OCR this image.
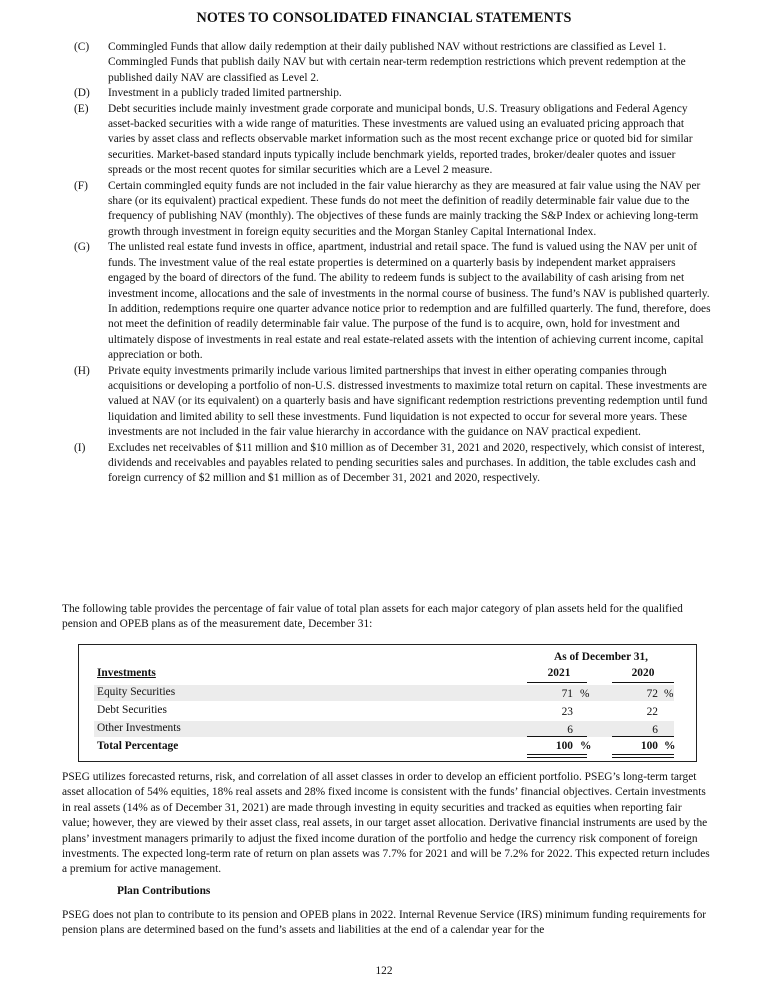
NOTES TO CONSOLIDATED FINANCIAL STATEMENTS
(C) Commingled Funds that allow daily redemption at their daily published NAV without restrictions are classified as Level 1. Commingled Funds that publish daily NAV but with certain near-term redemption restrictions which prevent redemption at the published daily NAV are classified as Level 2.
(D) Investment in a publicly traded limited partnership.
(E) Debt securities include mainly investment grade corporate and municipal bonds, U.S. Treasury obligations and Federal Agency asset-backed securities with a wide range of maturities. These investments are valued using an evaluated pricing approach that varies by asset class and reflects observable market information such as the most recent exchange price or quoted bid for similar securities. Market-based standard inputs typically include benchmark yields, reported trades, broker/dealer quotes and issuer spreads or the most recent quotes for similar securities which are a Level 2 measure.
(F) Certain commingled equity funds are not included in the fair value hierarchy as they are measured at fair value using the NAV per share (or its equivalent) practical expedient. These funds do not meet the definition of readily determinable fair value due to the frequency of publishing NAV (monthly). The objectives of these funds are mainly tracking the S&P Index or achieving long-term growth through investment in foreign equity securities and the Morgan Stanley Capital International Index.
(G) The unlisted real estate fund invests in office, apartment, industrial and retail space. The fund is valued using the NAV per unit of funds. The investment value of the real estate properties is determined on a quarterly basis by independent market appraisers engaged by the board of directors of the fund. The ability to redeem funds is subject to the availability of cash arising from net investment income, allocations and the sale of investments in the normal course of business. The fund’s NAV is published quarterly. In addition, redemptions require one quarter advance notice prior to redemption and are fulfilled quarterly. The fund, therefore, does not meet the definition of readily determinable fair value. The purpose of the fund is to acquire, own, hold for investment and ultimately dispose of investments in real estate and real estate-related assets with the intention of achieving current income, capital appreciation or both.
(H) Private equity investments primarily include various limited partnerships that invest in either operating companies through acquisitions or developing a portfolio of non-U.S. distressed investments to maximize total return on capital. These investments are valued at NAV (or its equivalent) on a quarterly basis and have significant redemption restrictions preventing redemption until fund liquidation and limited ability to sell these investments. Fund liquidation is not expected to occur for several more years. These investments are not included in the fair value hierarchy in accordance with the guidance on NAV practical expedient.
(I) Excludes net receivables of $11 million and $10 million as of December 31, 2021 and 2020, respectively, which consist of interest, dividends and receivables and payables related to pending securities sales and purchases. In addition, the table excludes cash and foreign currency of $2 million and $1 million as of December 31, 2021 and 2020, respectively.
The following table provides the percentage of fair value of total plan assets for each major category of plan assets held for the qualified pension and OPEB plans as of the measurement date, December 31:
As of December 31,
Investments	2021	2020
Equity Securities	71 %	72 %
Debt Securities	23	22
Other Investments	6	6
Total Percentage	100 %	100 %
PSEG utilizes forecasted returns, risk, and correlation of all asset classes in order to develop an efficient portfolio. PSEG’s long-term target asset allocation of 54% equities, 18% real assets and 28% fixed income is consistent with the funds’ financial objectives. Certain investments in real assets (14% as of December 31, 2021) are made through investing in equity securities and tracked as equities when reporting fair value; however, they are viewed by their asset class, real assets, in our target asset allocation. Derivative financial instruments are used by the plans’ investment managers primarily to adjust the fixed income duration of the portfolio and hedge the currency risk component of foreign investments. The expected long-term rate of return on plan assets was 7.7% for 2021 and will be 7.2% for 2022. This expected return includes a premium for active management.
Plan Contributions
PSEG does not plan to contribute to its pension and OPEB plans in 2022. Internal Revenue Service (IRS) minimum funding requirements for pension plans are determined based on the fund’s assets and liabilities at the end of a calendar year for the
122
